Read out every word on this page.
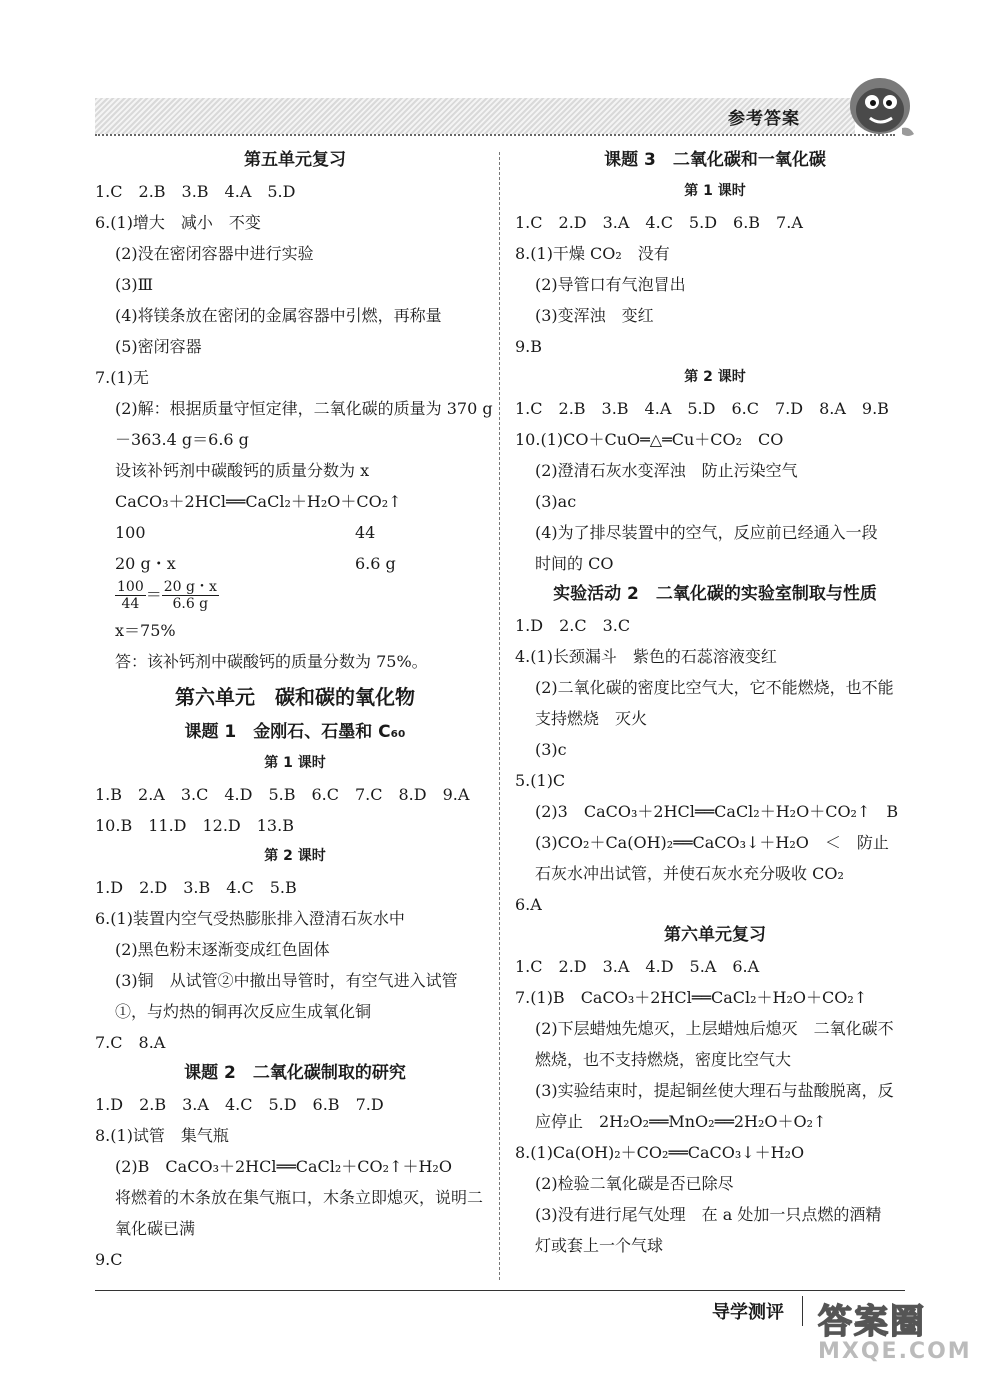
参考答案
第五单元复习
1.C　2.B　3.B　4.A　5.D
6.(1)增大　减小　不变
(2)没在密闭容器中进行实验
(3)Ⅲ
(4)将镁条放在密闭的金属容器中引燃，再称量
(5)密闭容器
7.(1)无
(2)解：根据质量守恒定律，二氧化碳的质量为 370 g
－363.4 g＝6.6 g
设该补钙剂中碳酸钙的质量分数为 x
CaCO₃＋2HCl══CaCl₂＋H₂O＋CO₂↑
100	44
20 g・x	6.6 g
$\frac{100}{44} = \frac{20 g・x}{6.6 g}$
x＝75%
答：该补钙剂中碳酸钙的质量分数为 75%。
第六单元　碳和碳的氧化物
课题 1　金刚石、石墨和 C₆₀
第 1 课时
1.B　2.A　3.C　4.D　5.B　6.C　7.C　8.D　9.A
10.B　11.D　12.D　13.B
第 2 课时
1.D　2.D　3.B　4.C　5.B
6.(1)装置内空气受热膨胀排入澄清石灰水中
(2)黑色粉末逐渐变成红色固体
(3)铜　从试管②中撤出导管时，有空气进入试管
①，与灼热的铜再次反应生成氧化铜
7.C　8.A
课题 2　二氧化碳制取的研究
1.D　2.B　3.A　4.C　5.D　6.B　7.D
8.(1)试管　集气瓶
(2)B　CaCO₃＋2HCl══CaCl₂＋CO₂↑＋H₂O
将燃着的木条放在集气瓶口，木条立即熄灭，说明二
氧化碳已满
9.C
课题 3　二氧化碳和一氧化碳
第 1 课时
1.C　2.D　3.A　4.C　5.D　6.B　7.A
8.(1)干燥 CO₂　没有
(2)导管口有气泡冒出
(3)变浑浊　变红
9.B
第 2 课时
1.C　2.B　3.B　4.A　5.D　6.C　7.D　8.A　9.B
10.(1)CO＋CuO═△═Cu＋CO₂　CO
(2)澄清石灰水变浑浊　防止污染空气
(3)ac
(4)为了排尽装置中的空气，反应前已经通入一段
时间的 CO
实验活动 2　二氧化碳的实验室制取与性质
1.D　2.C　3.C
4.(1)长颈漏斗　紫色的石蕊溶液变红
(2)二氧化碳的密度比空气大，它不能燃烧，也不能
支持燃烧　灭火
(3)c
5.(1)C
(2)3　CaCO₃＋2HCl══CaCl₂＋H₂O＋CO₂↑　B
(3)CO₂＋Ca(OH)₂══CaCO₃↓＋H₂O　＜　防止
石灰水冲出试管，并使石灰水充分吸收 CO₂
6.A
第六单元复习
1.C　2.D　3.A　4.D　5.A　6.A
7.(1)B　CaCO₃＋2HCl══CaCl₂＋H₂O＋CO₂↑
(2)下层蜡烛先熄灭，上层蜡烛后熄灭　二氧化碳不
燃烧，也不支持燃烧，密度比空气大
(3)实验结束时，提起铜丝使大理石与盐酸脱离，反
应停止　2H₂O₂══MnO₂══2H₂O＋O₂↑
8.(1)Ca(OH)₂＋CO₂══CaCO₃↓＋H₂O
(2)检验二氧化碳是否已除尽
(3)没有进行尾气处理　在 a 处加一只点燃的酒精
灯或套上一个气球
导学测评 答案圈
MXQE.COM
